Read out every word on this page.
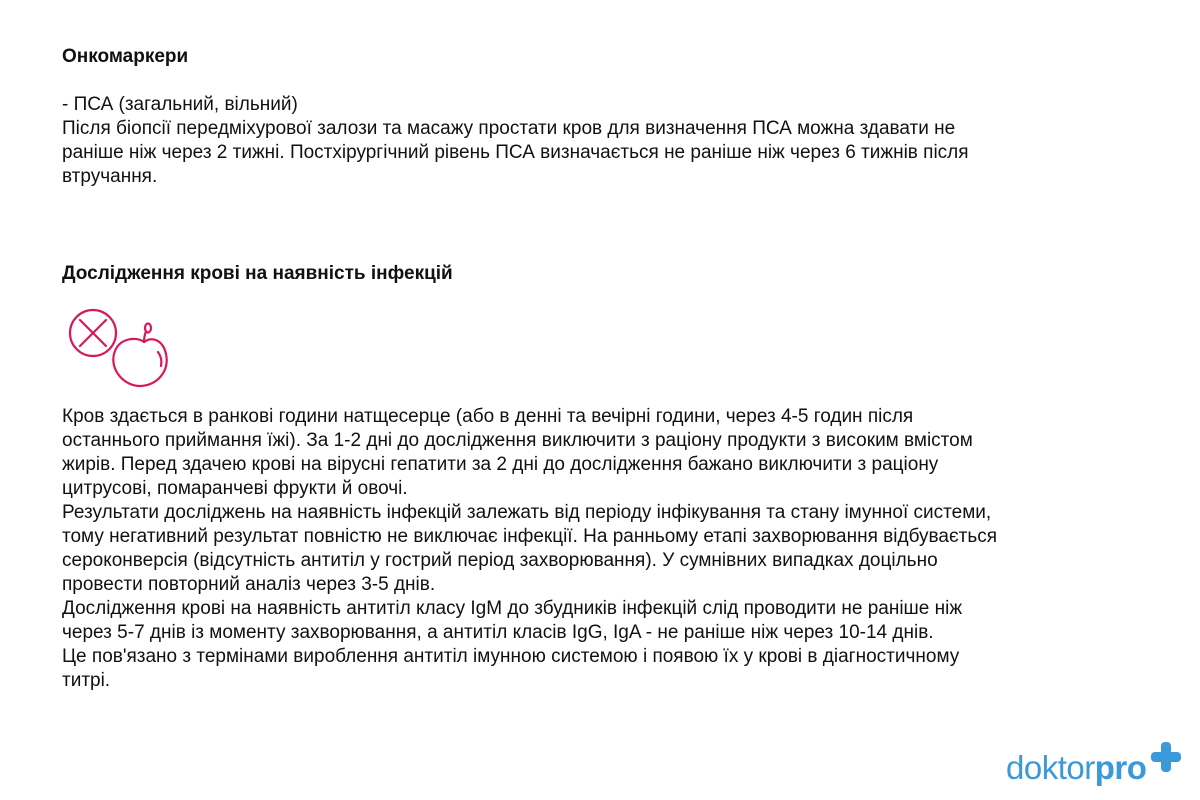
Онкомаркери
- ПСА (загальний, вільний)
Після біопсії передміхурової залози та масажу простати кров для визначення ПСА можна здавати не
раніше ніж через 2 тижні. Постхірургічний рівень ПСА визначається не раніше ніж через 6 тижнів після
втручання.
Дослідження крові на наявність інфекцій
Кров здається в ранкові години натщесерце (або в денні та вечірні години, через 4-5 годин після
останнього приймання їжі). За 1-2 дні до дослідження виключити з раціону продукти з високим вмістом
жирів. Перед здачею крові на вірусні гепатити за 2 дні до дослідження бажано виключити з раціону
цитрусові, помаранчеві фрукти й овочі.
Результати досліджень на наявність інфекцій залежать від періоду інфікування та стану імунної системи,
тому негативний результат повністю не виключає інфекції. На ранньому етапі захворювання відбувається
сероконверсія (відсутність антитіл у гострий період захворювання). У сумнівних випадках доцільно
провести повторний аналіз через 3-5 днів.
Дослідження крові на наявність антитіл класу IgM до збудників інфекцій слід проводити не раніше ніж
через 5-7 днів із моменту захворювання, а антитіл класів IgG, IgA - не раніше ніж через 10-14 днів.
Це пов'язано з термінами вироблення антитіл імунною системою і появою їх у крові в діагностичному
титрі.
doktorpro
